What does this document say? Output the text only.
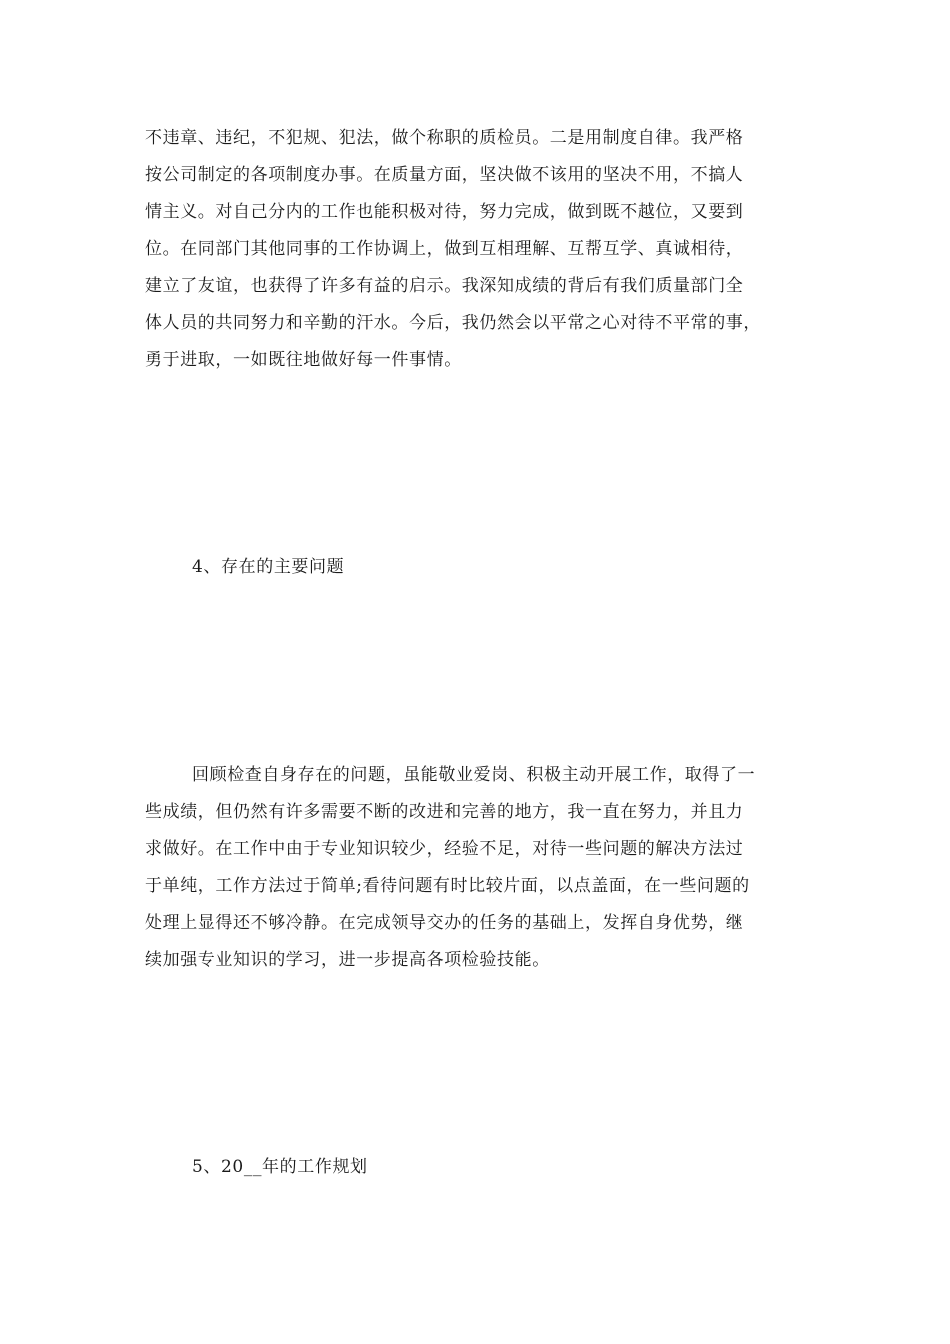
不违章、违纪，不犯规、犯法，做个称职的质检员。二是用制度自律。我严格
按公司制定的各项制度办事。在质量方面，坚决做不该用的坚决不用，不搞人
情主义。对自己分内的工作也能积极对待，努力完成，做到既不越位，又要到
位。在同部门其他同事的工作协调上，做到互相理解、互帮互学、真诚相待，
建立了友谊，也获得了许多有益的启示。我深知成绩的背后有我们质量部门全
体人员的共同努力和辛勤的汗水。今后，我仍然会以平常之心对待不平常的事，
勇于进取，一如既往地做好每一件事情。
4、存在的主要问题
回顾检查自身存在的问题，虽能敬业爱岗、积极主动开展工作，取得了一
些成绩，但仍然有许多需要不断的改进和完善的地方，我一直在努力，并且力
求做好。在工作中由于专业知识较少，经验不足，对待一些问题的解决方法过
于单纯，工作方法过于简单;看待问题有时比较片面，以点盖面，在一些问题的
处理上显得还不够冷静。在完成领导交办的任务的基础上，发挥自身优势，继
续加强专业知识的学习，进一步提高各项检验技能。
5、20__年的工作规划
